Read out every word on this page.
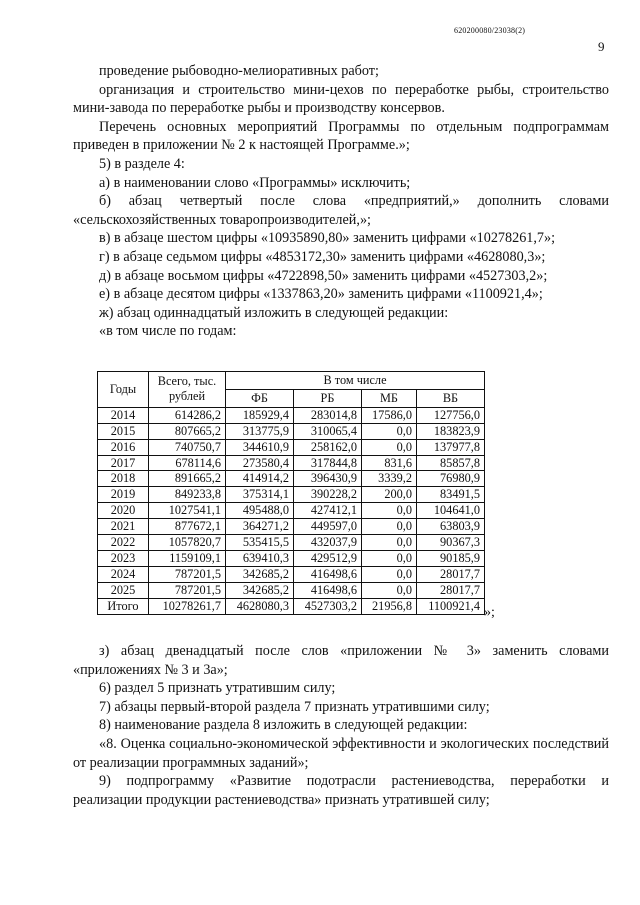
620200080/23038(2)
9

проведение рыбоводно-мелиоративных работ;

организация и строительство мини-цехов по переработке рыбы, строительство мини-завода по переработке рыбы и производству консервов.

Перечень основных мероприятий Программы по отдельным подпрограммам приведен в приложении № 2 к настоящей Программе.»;

5) в разделе 4:

а) в наименовании слово «Программы» исключить;

б) абзац четвертый после слова «предприятий,» дополнить словами «сельскохозяйственных товаропроизводителей,»;

в) в абзаце шестом цифры «10935890,80» заменить цифрами «10278261,7»;

г) в абзаце седьмом цифры «4853172,30» заменить цифрами «4628080,3»;

д) в абзаце восьмом цифры «4722898,50» заменить цифрами «4527303,2»;

е) в абзаце десятом цифры «1337863,20» заменить цифрами «1100921,4»;

ж) абзац одиннадцатый изложить в следующей редакции:

«в том числе по годам:

Годы	Всего, тыс. рублей	В том числе			
		ФБ	РБ	МБ	ВБ
2014	614286,2	185929,4	283014,8	17586,0	127756,0
2015	807665,2	313775,9	310065,4	0,0	183823,9
2016	740750,7	344610,9	258162,0	0,0	137977,8
2017	678114,6	273580,4	317844,8	831,6	85857,8
2018	891665,2	414914,2	396430,9	3339,2	76980,9
2019	849233,8	375314,1	390228,2	200,0	83491,5
2020	1027541,1	495488,0	427412,1	0,0	104641,0
2021	877672,1	364271,2	449597,0	0,0	63803,9
2022	1057820,7	535415,5	432037,9	0,0	90367,3
2023	1159109,1	639410,3	429512,9	0,0	90185,9
2024	787201,5	342685,2	416498,6	0,0	28017,7
2025	787201,5	342685,2	416498,6	0,0	28017,7
Итого	10278261,7	4628080,3	4527303,2	21956,8	1100921,4 »;

з) абзац двенадцатый после слов «приложении № 3» заменить словами «приложениях № 3 и 3а»;

6) раздел 5 признать утратившим силу;

7) абзацы первый-второй раздела 7 признать утратившими силу;

8) наименование раздела 8 изложить в следующей редакции:

«8. Оценка социально-экономической эффективности и экологических последствий от реализации программных заданий»;

9) подпрограмму «Развитие подотрасли растениеводства, переработки и реализации продукции растениеводства» признать утратившей силу;
